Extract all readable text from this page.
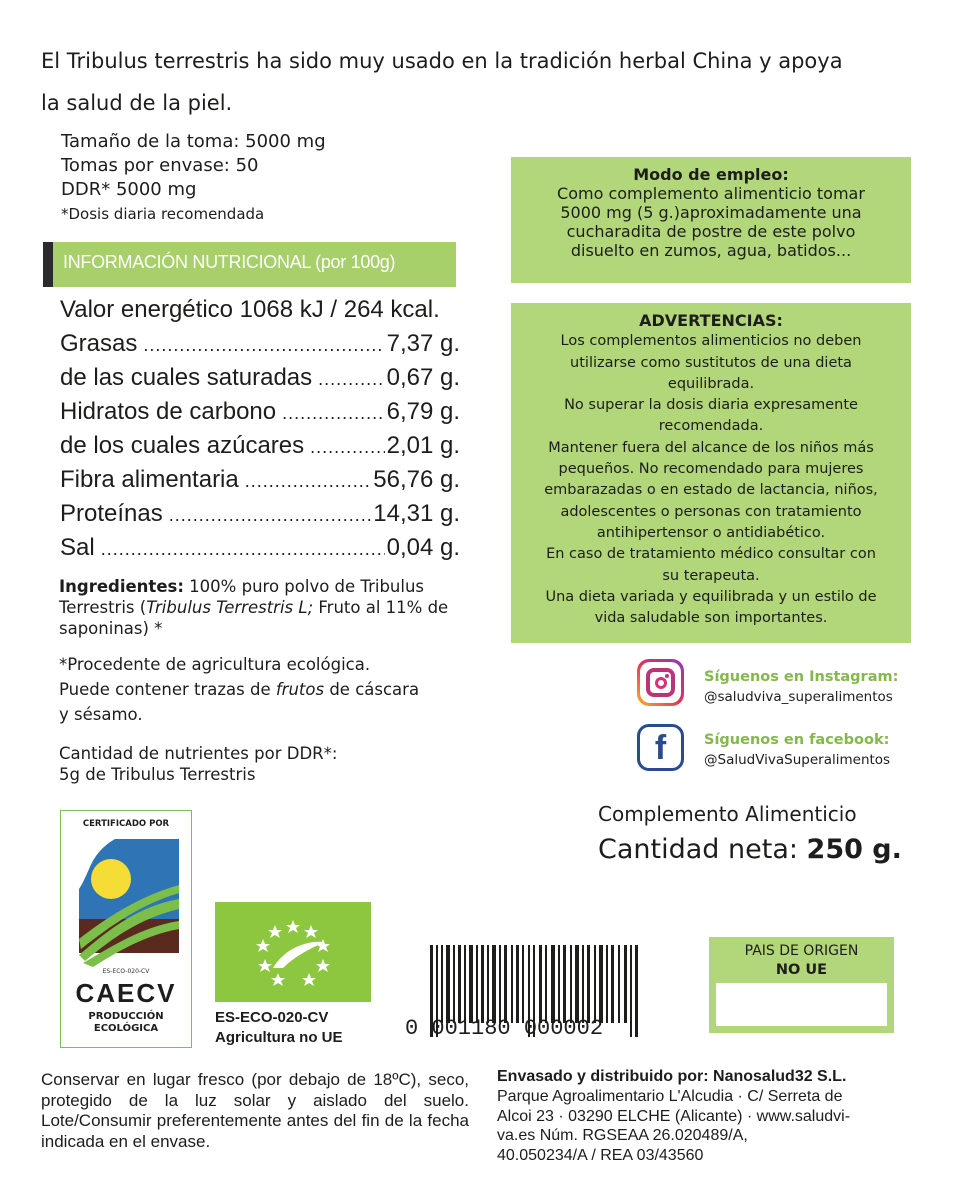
El Tribulus terrestris ha sido muy usado en la tradición herbal China y apoya
la salud de la piel.
Tamaño de la toma: 5000 mg
Tomas por envase: 50
DDR* 5000 mg
*Dosis diaria recomendada
INFORMACIÓN NUTRICIONAL (por 100g)
Valor energético 1068 kJ / 264 kcal.
Grasas .....	7,37 g.
de las cuales saturadas .....	0,67 g.
Hidratos de carbono .....	6,79 g.
de los cuales azúcares .....	2,01 g.
Fibra alimentaria .....	56,76 g.
Proteínas .....	14,31 g.
Sal .....	0,04 g.
Ingredientes: 100% puro polvo de Tribulus Terrestris (Tribulus Terrestris L; Fruto al 11% de saponinas) *
*Procedente de agricultura ecológica.
Puede contener trazas de frutos de cáscara
y sésamo.
Cantidad de nutrientes por DDR*:
5g de Tribulus Terrestris
Modo de empleo:
Como complemento alimenticio tomar
5000 mg (5 g.)aproximadamente una
cucharadita de postre de este polvo
disuelto en zumos, agua, batidos...
ADVERTENCIAS:
Los complementos alimenticios no deben
utilizarse como sustitutos de una dieta
equilibrada.
No superar la dosis diaria expresamente
recomendada.
Mantener fuera del alcance de los niños más
pequeños. No recomendado para mujeres
embarazadas o en estado de lactancia, niños,
adolescentes o personas con tratamiento
antihipertensor o antidiabético.
En caso de tratamiento médico consultar con
su terapeuta.
Una dieta variada y equilibrada y un estilo de
vida saludable son importantes.
Síguenos en Instagram:
@saludviva_superalimentos
f	Síguenos en facebook:
@SaludVivaSuperalimentos
Complemento Alimenticio
Cantidad neta: 250 g.
CERTIFICADO POR
ES-ECO-020-CV
CAECV
PRODUCCIÓN
ECOLÓGICA
ES-ECO-020-CV
Agricultura no UE	0 001180 000002
PAIS DE ORIGEN
NO UE
Conservar en lugar fresco (por debajo de 18ºC), seco, protegido de la luz solar y aislado del suelo. Lote/Consumir preferentemente antes del fin de la fecha indicada en el envase.
Envasado y distribuido por: Nanosalud32 S.L.
Parque Agroalimentario L'Alcudia · C/ Serreta de
Alcoi 23 · 03290 ELCHE (Alicante) · www.saludvi-
va.es Núm. RGSEAA 26.020489/A,
40.050234/A / REA 03/43560
